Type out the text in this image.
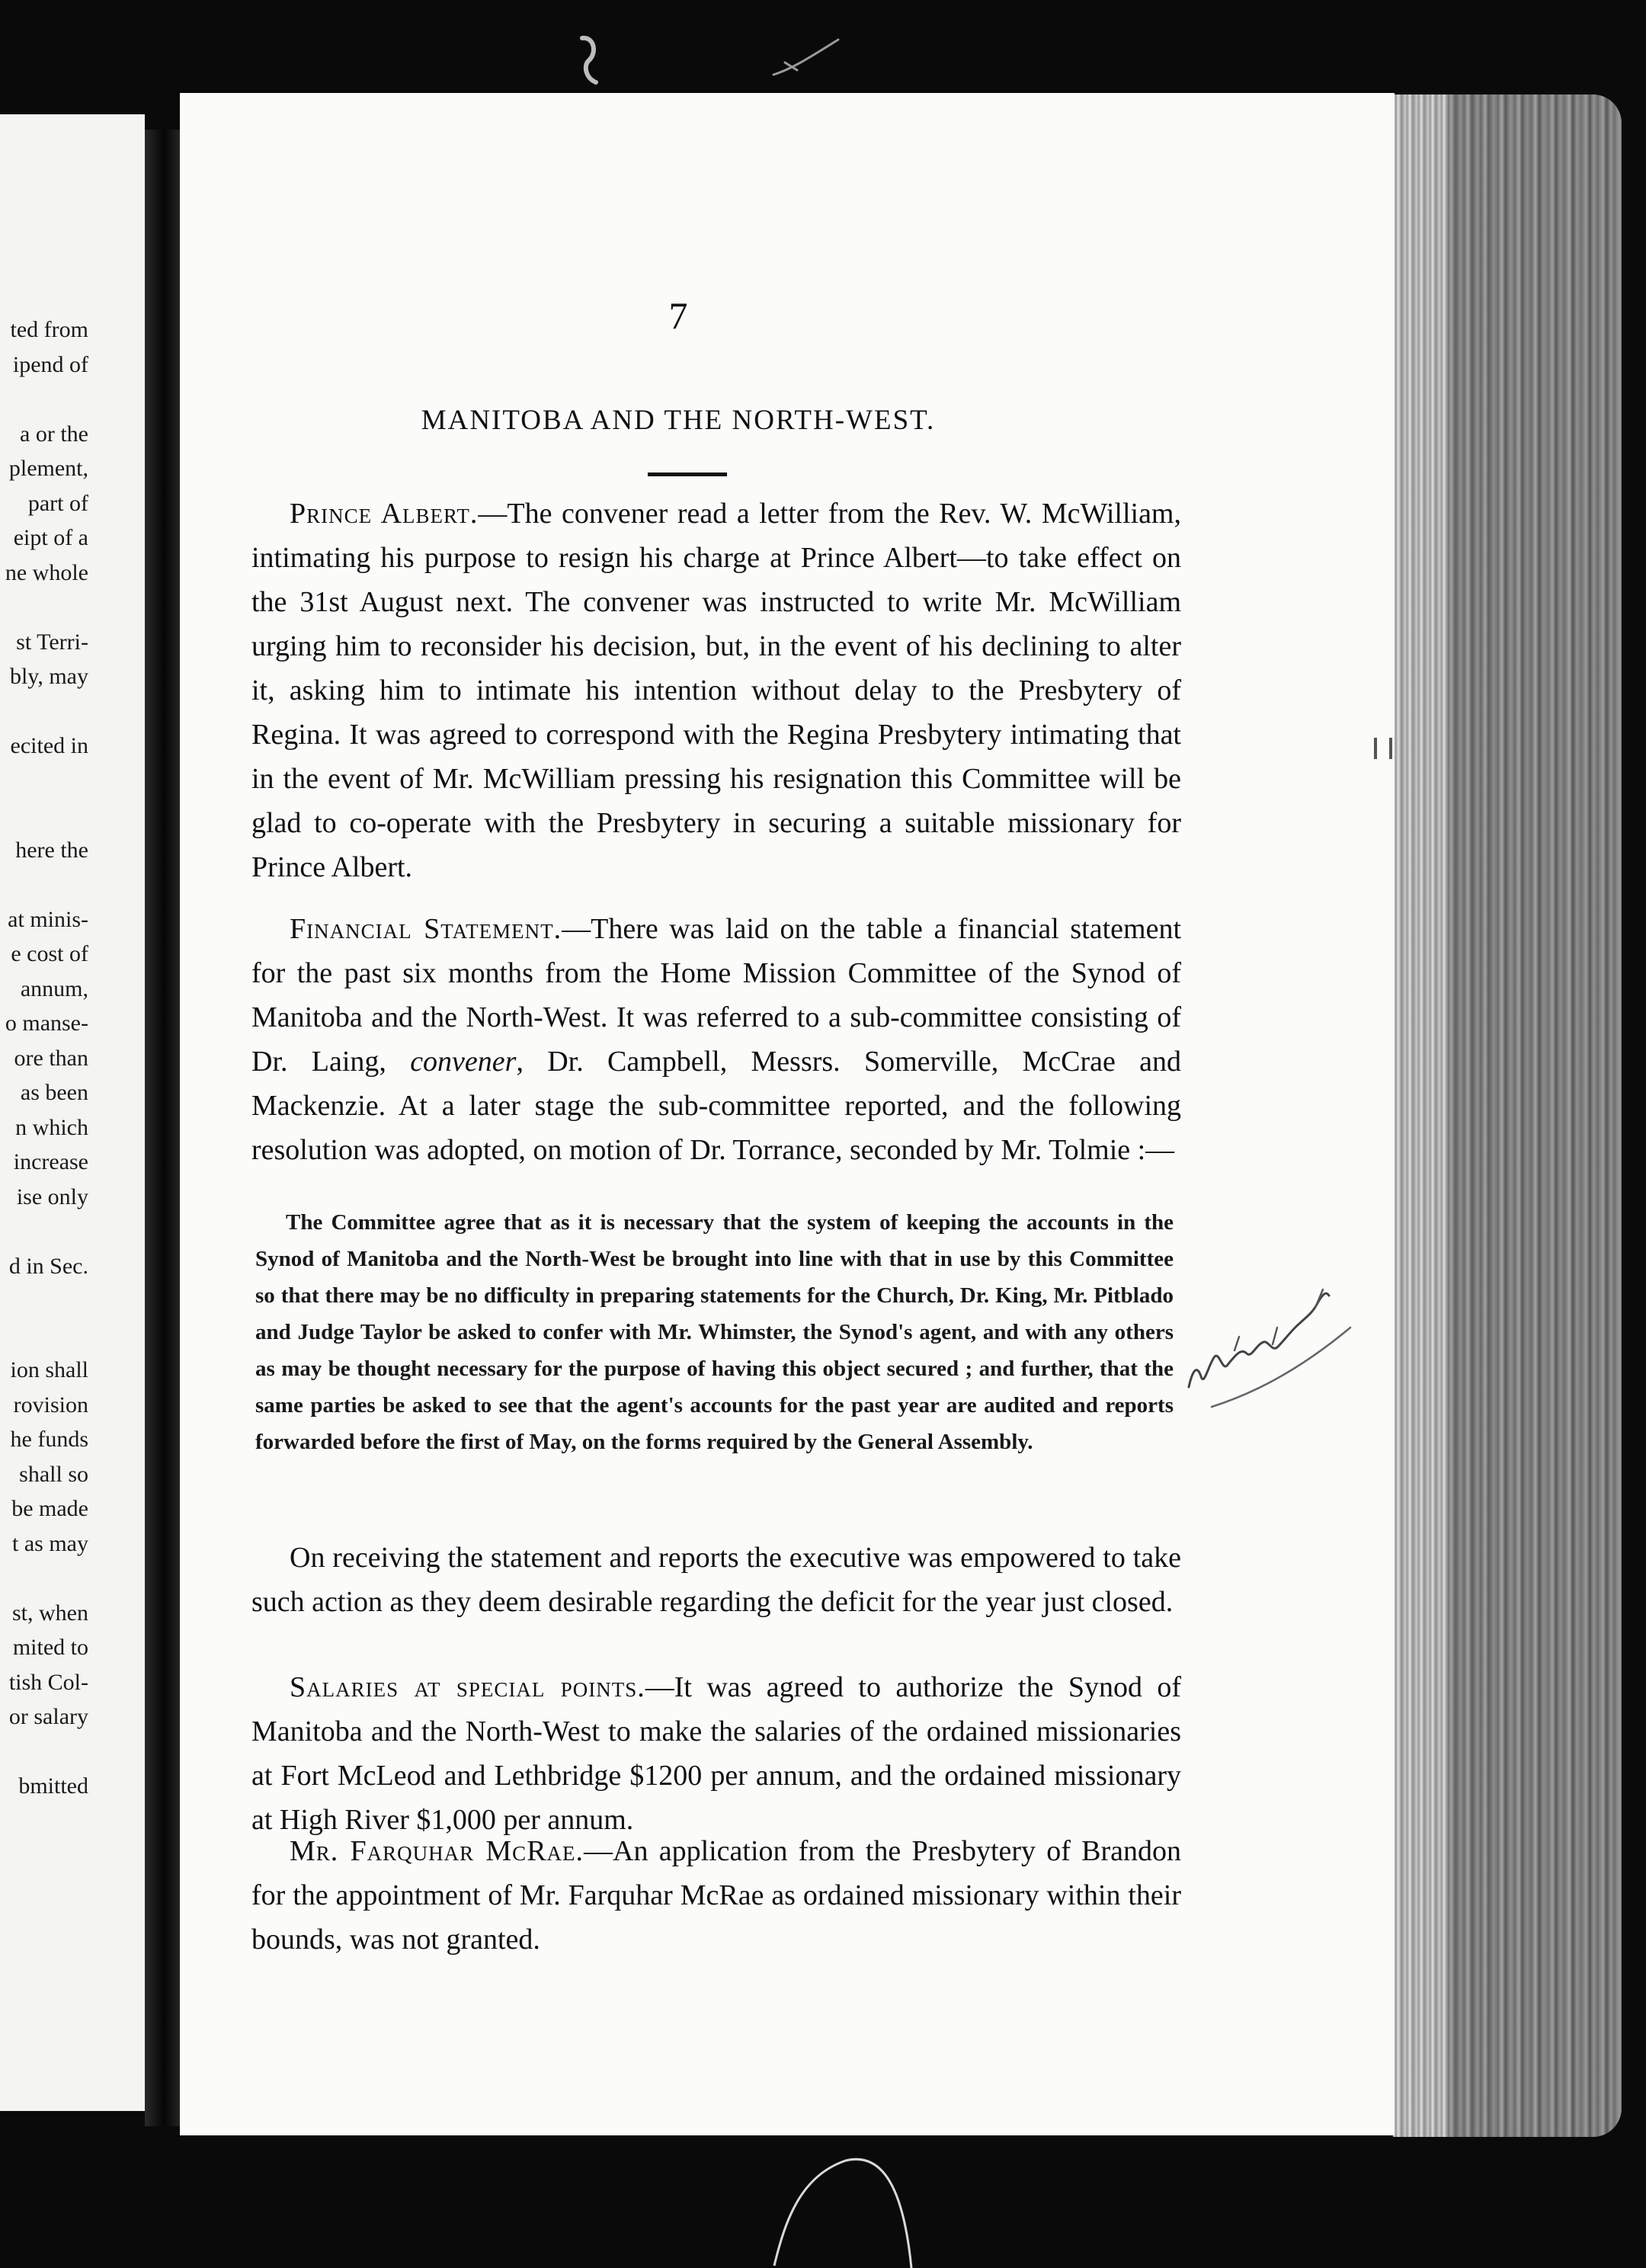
ted from
ipend of
a or the
plement,
part of
eipt of a
ne whole
st Terri-
bly, may
ecited in
here the
at minis-
e cost of
annum,
o manse-
ore than
as been
n which
increase
ise only
d in Sec.
ion shall
rovision
he funds
shall so
be made
t as may
st, when
mited to
tish Col-
or salary
bmitted
7
MANITOBA AND THE NORTH-WEST.
Prince Albert.—The convener read a letter from the Rev. W. McWilliam, intimating his purpose to resign his charge at Prince Albert—to take effect on the 31st August next. The convener was instructed to write Mr. McWilliam urging him to reconsider his decision, but, in the event of his declining to alter it, asking him to intimate his intention without delay to the Presbytery of Regina. It was agreed to correspond with the Regina Presbytery intimating that in the event of Mr. McWilliam pressing his resignation this Committee will be glad to co-operate with the Presbytery in securing a suitable missionary for Prince Albert.
Financial Statement.—There was laid on the table a financial statement for the past six months from the Home Mission Committee of the Synod of Manitoba and the North-West. It was referred to a sub-committee consisting of Dr. Laing, convener, Dr. Campbell, Messrs. Somerville, McCrae and Mackenzie. At a later stage the sub-committee reported, and the following resolution was adopted, on motion of Dr. Torrance, seconded by Mr. Tolmie :—
The Committee agree that as it is necessary that the system of keeping the accounts in the Synod of Manitoba and the North-West be brought into line with that in use by this Committee so that there may be no difficulty in preparing statements for the Church, Dr. King, Mr. Pitblado and Judge Taylor be asked to confer with Mr. Whimster, the Synod's agent, and with any others as may be thought necessary for the purpose of having this object secured ; and further, that the same parties be asked to see that the agent's accounts for the past year are audited and reports forwarded before the first of May, on the forms required by the General Assembly.
On receiving the statement and reports the executive was empowered to take such action as they deem desirable regarding the deficit for the year just closed.
Salaries at special points.—It was agreed to authorize the Synod of Manitoba and the North-West to make the salaries of the ordained missionaries at Fort McLeod and Lethbridge $1200 per annum, and the ordained missionary at High River $1,000 per annum.
Mr. Farquhar McRae.—An application from the Presbytery of Brandon for the appointment of Mr. Farquhar McRae as ordained missionary within their bounds, was not granted.
